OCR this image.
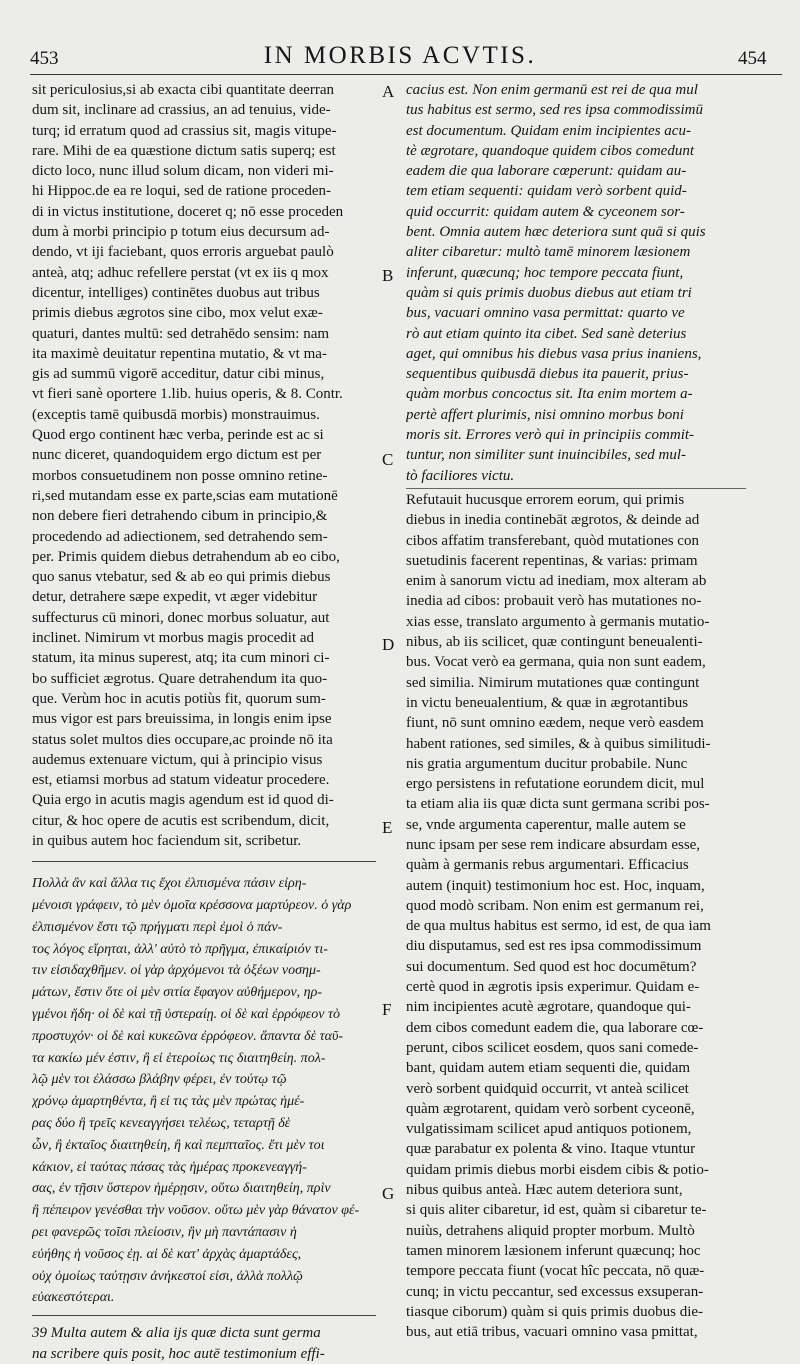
453	IN MORBIS ACVTIS.	454
sit periculosius,si ab exacta cibi quantitate deerran
dum sit, inclinare ad crassius, an ad tenuius, vide-
turq; id erratum quod ad crassius sit, magis vitupe-
rare. Mihi de ea quæstione dictum satis superq; est
dicto loco, nunc illud solum dicam, non videri mi-
hi Hippoc.de ea re loqui, sed de ratione proceden-
di in victus institutione, doceret q; nō esse proceden
dum à morbi principio p totum eius decursum ad-
dendo, vt iji faciebant, quos erroris arguebat paulò
anteà, atq; adhuc refellere perstat (vt ex iis q mox
dicentur, intelliges) continētes duobus aut tribus
primis diebus ægrotos sine cibo, mox velut exæ-
quaturi, dantes multū: sed detrahēdo sensim: nam
ita maximè deuitatur repentina mutatio, & vt ma-
gis ad summū vigorē acceditur, datur cibi minus,
vt fieri sanè oportere 1.lib. huius operis, & 8. Contr.
(exceptis tamē quibusdā morbis) monstrauimus.
Quod ergo continent hæc verba, perinde est ac si
nunc diceret, quandoquidem ergo dictum est per
morbos consuetudinem non posse omnino retine-
ri,sed mutandam esse ex parte,scias eam mutationē
non debere fieri detrahendo cibum in principio,&
procedendo ad adiectionem, sed detrahendo sem-
per. Primis quidem diebus detrahendum ab eo cibo,
quo sanus vtebatur, sed & ab eo qui primis diebus
detur, detrahere sæpe expedit, vt æger videbitur
suffecturus cū minori, donec morbus soluatur, aut
inclinet. Nimirum vt morbus magis procedit ad
statum, ita minus superest, atq; ita cum minori ci-
bo sufficiet ægrotus. Quare detrahendum ita quo-
que. Verùm hoc in acutis potiùs fit, quorum sum-
mus vigor est pars breuissima, in longis enim ipse
status solet multos dies occupare,ac proinde nō ita
audemus extenuare victum, qui à principio visus
est, etiamsi morbus ad statum videatur procedere.
Quia ergo in acutis magis agendum est id quod di-
citur, & hoc opere de acutis est scribendum, dicit,
in quibus autem hoc faciendum sit, scribetur.
Πολλὰ ἂν καὶ ἄλλα τις ἔχοι ἐλπισμένα πάσιν εἰρη-
μένοισι γράφειν, τὸ μὲν ὁμοῖα κρέσσονα μαρτύρεον. ὁ γὰρ
ἐλπισμένον ἔστι τῷ πρήγματι περὶ ἐμοὶ ὁ πάν-
τος λόγος εἴρηται, ἀλλ' αὐτὸ τὸ πρῆγμα, ἐπικαίριόν τι-
τιν εἰσιδαχθῆμεν. οἱ γὰρ ἀρχόμενοι τὰ ὀξέων νοσημ-
μάτων, ἔστιν ὅτε οἱ μὲν σιτία ἔφαγον αὐθήμερον, ηρ-
γμένοι ἤδη· οἱ δὲ καὶ τῇ ὑστεραίῃ. οἱ δὲ καὶ ἐρρόφεον τὸ
προστυχόν· οἱ δὲ καὶ κυκεῶνα ἐρρόφεον. ἅπαντα δὲ ταῦ-
τα κακίω μέν ἐστιν, ἢ εἰ ἑτεροίως τις διαιτηθείη. πολ-
λῷ μὲν τοι ἐλάσσω βλάβην φέρει, ἐν τούτῳ τῷ
χρόνῳ ἁμαρτηθέντα, ἢ εἰ τις τὰς μὲν πρώτας ἡμέ-
ρας δύο ἢ τρεῖς κενεαγγήσει τελέως, τεταρτῇ δὲ
ὧν, ἢ ἑκταῖος διαιτηθείη, ἢ καὶ πεμπταῖος. ἔτι μὲν τοι
κάκιον, εἰ ταύτας πάσας τὰς ἡμέρας προκενεαγγή-
σας, ἐν τῇσιν ὕστερον ἡμέρῃσιν, οὕτω διαιτηθείη, πρὶν
ἢ πέπειρον γενέσθαι τὴν νοῦσον. οὕτω μὲν γὰρ θάνατον φέ-
ρει φανερῶς τοῖσι πλείοσιν, ἢν μὴ παντάπασιν ἡ
εὐήθης ἡ νοῦσος ἐῃ. αἱ δὲ κατ' ἀρχὰς ἁμαρτάδες,
οὐχ ὁμοίως ταύτῃσιν ἀνήκεστοί εἰσι, ἀλλὰ πολλῷ
εὐακεστότεραι.
39 Multa autem & alia ijs quæ dicta sunt germa
na scribere quis posit, hoc autē testimonium effi-
A
B
C
D
E
F
G
cacius est. Non enim germanū est rei de qua mul
tus habitus est sermo, sed res ipsa commodissimū
est documentum. Quidam enim incipientes acu-
tè ægrotare, quandoque quidem cibos comedunt
eadem die qua laborare cœperunt: quidam au-
tem etiam sequenti: quidam verò sorbent quid-
quid occurrit: quidam autem & cyceonem sor-
bent. Omnia autem hæc deteriora sunt quā si quis
aliter cibaretur: multò tamē minorem læsionem
inferunt, quæcunq; hoc tempore peccata fiunt,
quàm si quis primis duobus diebus aut etiam tri
bus, vacuari omnino vasa permittat: quarto ve
rò aut etiam quinto ita cibet. Sed sanè deterius
aget, qui omnibus his diebus vasa prius inaniens,
sequentibus quibusdā diebus ita pauerit, prius-
quàm morbus concoctus sit. Ita enim mortem a-
pertè affert plurimis, nisi omnino morbus boni
moris sit. Errores verò qui in principiis commit-
tuntur, non similiter sunt inuincibiles, sed mul-
tò faciliores victu.
Refutauit hucusque errorem eorum, qui primis
diebus in inedia continebāt ægrotos, & deinde ad
cibos affatim transferebant, quòd mutationes con
suetudinis facerent repentinas, & varias: primam
enim à sanorum victu ad inediam, mox alteram ab
inedia ad cibos: probauit verò has mutationes no-
xias esse, translato argumento à germanis mutatio-
nibus, ab iis scilicet, quæ contingunt beneualenti-
bus. Vocat verò ea germana, quia non sunt eadem,
sed similia. Nimirum mutationes quæ contingunt
in victu beneualentium, & quæ in ægrotantibus
fiunt, nō sunt omnino eædem, neque verò easdem
habent rationes, sed similes, & à quibus similitudi-
nis gratia argumentum ducitur probabile. Nunc
ergo persistens in refutatione eorundem dicit, mul
ta etiam alia iis quæ dicta sunt germana scribi pos-
se, vnde argumenta caperentur, malle autem se
nunc ipsam per sese rem indicare absurdam esse,
quàm à germanis rebus argumentari. Efficacius
autem (inquit) testimonium hoc est. Hoc, inquam,
quod modò scribam. Non enim est germanum rei,
de qua multus habitus est sermo, id est, de qua iam
diu disputamus, sed est res ipsa commodissimum
sui documentum. Sed quod est hoc documētum?
certè quod in ægrotis ipsis experimur. Quidam e-
nim incipientes acutè ægrotare, quandoque qui-
dem cibos comedunt eadem die, qua laborare cœ-
perunt, cibos scilicet eosdem, quos sani comede-
bant, quidam autem etiam sequenti die, quidam
verò sorbent quidquid occurrit, vt anteà scilicet
quàm ægrotarent, quidam verò sorbent cyceonē,
vulgatissimam scilicet apud antiquos potionem,
quæ parabatur ex polenta & vino. Itaque vtuntur
quidam primis diebus morbi eisdem cibis & potio-
nibus quibus anteà. Hæc autem deteriora sunt,
si quis aliter cibaretur, id est, quàm si cibaretur te-
nuiùs, detrahens aliquid propter morbum. Multò
tamen minorem læsionem inferunt quæcunq; hoc
tempore peccata fiunt (vocat hîc peccata, nō quæ-
cunq; in victu peccantur, sed excessus exsuperan-
tiasque ciborum) quàm si quis primis duobus die-
bus, aut etiā tribus, vacuari omnino vasa pmittat,
